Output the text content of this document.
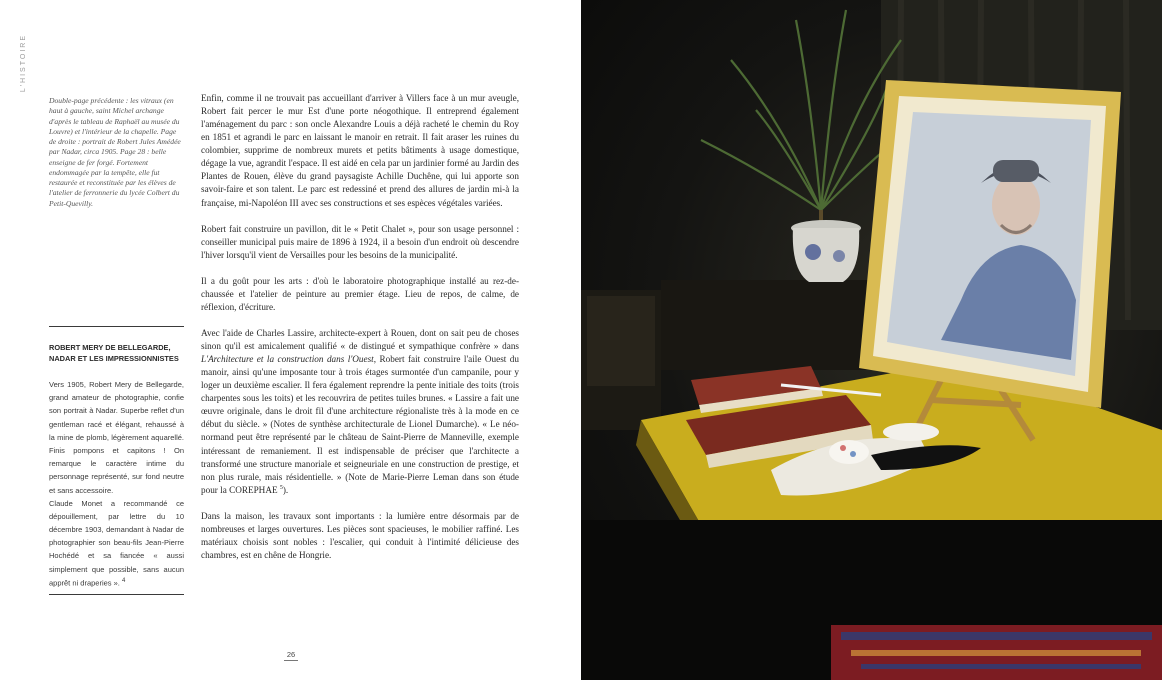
L'HISTOIRE
Double-page précédente : les vitraux (en haut à gauche, saint Michel archange d'après le tableau de Raphaël au musée du Louvre) et l'intérieur de la chapelle. Page de droite : portrait de Robert Jules Amédée par Nadar, circa 1905. Page 28 : belle enseigne de fer forgé. Fortement endommagée par la tempête, elle fut restaurée et reconstituée par les élèves de l'atelier de ferronnerie du lycée Colbert du Petit-Quevilly.
ROBERT MERY DE BELLEGARDE, NADAR ET LES IMPRESSIONNISTES

Vers 1905, Robert Mery de Bellegarde, grand amateur de photographie, confie son portrait à Nadar. Superbe reflet d'un gentleman racé et élégant, rehaussé à la mine de plomb, légèrement aquarellé. Finis pompons et capitons ! On remarque le caractère intime du personnage représenté, sur fond neutre et sans accessoire.

Claude Monet a recommandé ce dépouillement, par lettre du 10 décembre 1903, demandant à Nadar de photographier son beau-fils Jean-Pierre Hochédé et sa fiancée « aussi simplement que possible, sans aucun apprêt ni draperies ». $^4$

Enfin, comme il ne trouvait pas accueillant d'arriver à Villers face à un mur aveugle, Robert fait percer le mur Est d'une porte néogothique. Il entreprend également l'aménagement du parc : son oncle Alexandre Louis a déjà racheté le chemin du Roy en 1851 et agrandi le parc en laissant le manoir en retrait. Il fait araser les ruines du colombier, supprime de nombreux murets et petits bâtiments à usage domestique, dégage la vue, agrandit l'espace. Il est aidé en cela par un jardinier formé au Jardin des Plantes de Rouen, élève du grand paysagiste Achille Duchêne, qui lui apporte son savoir-faire et son talent. Le parc est redessiné et prend des allures de jardin mi-à la française, mi-Napoléon III avec ses constructions et ses espèces végétales variées.

Robert fait construire un pavillon, dit le « Petit Chalet », pour son usage personnel : conseiller municipal puis maire de 1896 à 1924, il a besoin d'un endroit où descendre l'hiver lorsqu'il vient de Versailles pour les besoins de la municipalité.

Il a du goût pour les arts : d'où le laboratoire photographique installé au rez-de-chaussée et l'atelier de peinture au premier étage. Lieu de repos, de calme, de réflexion, d'écriture.

Avec l'aide de Charles Lassire, architecte-expert à Rouen, dont on sait peu de choses sinon qu'il est amicalement qualifié « de distingué et sympathique confrère » dans L'Architecture et la construction dans l'Ouest, Robert fait construire l'aile Ouest du manoir, ainsi qu'une imposante tour à trois étages surmontée d'un campanile, pour y loger un deuxième escalier. Il fera également reprendre la pente initiale des toits (trois charpentes sous les toits) et les recouvrira de petites tuiles brunes. « Lassire a fait une œuvre originale, dans le droit fil d'une architecture régionaliste très à la mode en ce début du siècle. » (Notes de synthèse architecturale de Lionel Dumarche). « Le néo-normand peut être représenté par le château de Saint-Pierre de Manneville, exemple intéressant de remaniement. Il est indispensable de préciser que l'architecte a transformé une structure manoriale et seigneuriale en une construction de prestige, et non plus rurale, mais résidentielle. » (Note de Marie-Pierre Leman dans son étude pour la COREPHAE $^5$).

Dans la maison, les travaux sont importants : la lumière entre désormais par de nombreuses et larges ouvertures. Les pièces sont spacieuses, le mobilier raffiné. Les matériaux choisis sont nobles : l'escalier, qui conduit à l'intimité délicieuse des chambres, est en chêne de Hongrie.

26
